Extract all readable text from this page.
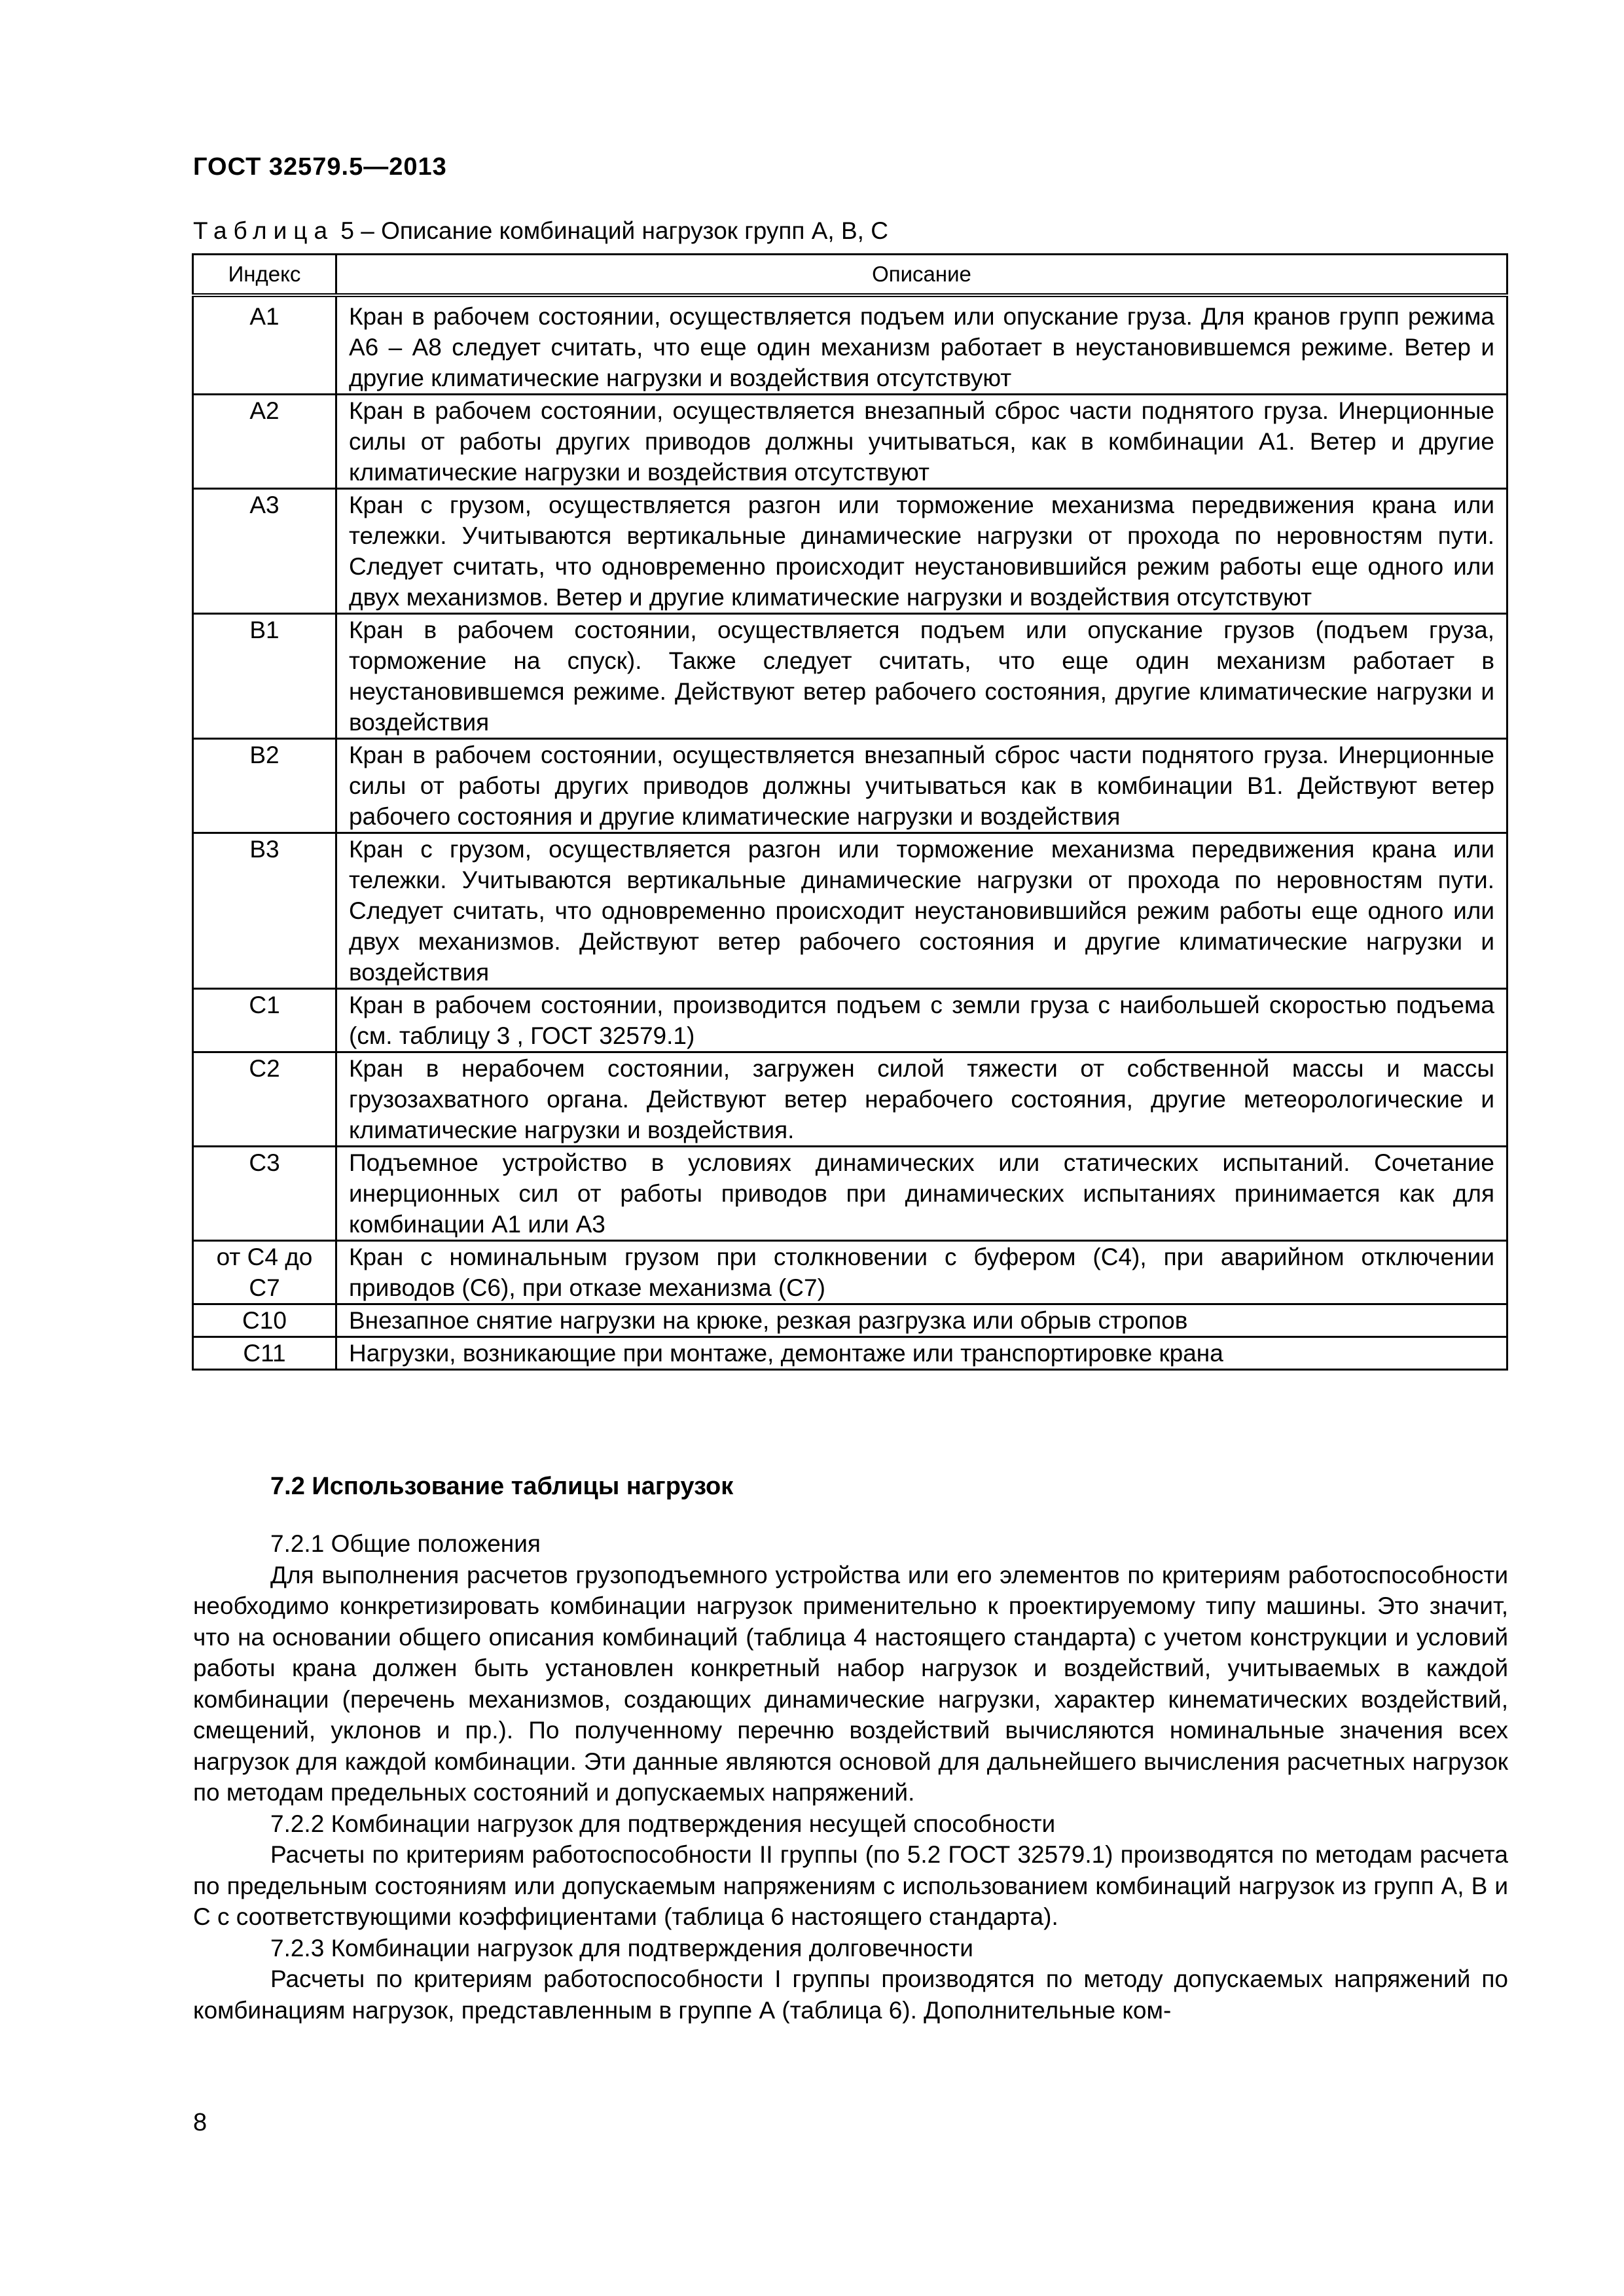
ГОСТ 32579.5—2013
Таблица 5 – Описание комбинаций нагрузок групп А, В, С
Индекс	Описание
А1	Кран в рабочем состоянии, осуществляется подъем или опускание груза. Для кранов групп режима А6 – А8 следует считать, что еще один механизм работает в неустановившемся режиме. Ветер и другие климатические нагрузки и воздействия отсутствуют
А2	Кран в рабочем состоянии, осуществляется внезапный сброс части поднятого груза. Инерционные силы от работы других приводов должны учитываться, как в комбинации А1. Ветер и другие климатические нагрузки и воздействия отсутствуют
А3	Кран с грузом, осуществляется разгон или торможение механизма передвижения крана или тележки. Учитываются вертикальные динамические нагрузки от прохода по неровностям пути. Следует считать, что одновременно происходит неустановившийся режим работы еще одного или двух механизмов. Ветер и другие климатические нагрузки и воздействия отсутствуют
В1	Кран в рабочем состоянии, осуществляется подъем или опускание грузов (подъем груза, торможение на спуск). Также следует считать, что еще один механизм работает в неустановившемся режиме. Действуют ветер рабочего состояния, другие климатические нагрузки и воздействия
В2	Кран в рабочем состоянии, осуществляется внезапный сброс части поднятого груза. Инерционные силы от работы других приводов должны учитываться как в комбинации В1. Действуют ветер рабочего состояния и другие климатические нагрузки и воздействия
В3	Кран с грузом, осуществляется разгон или торможение механизма передвижения крана или тележки. Учитываются вертикальные динамические нагрузки от прохода по неровностям пути. Следует считать, что одновременно происходит неустановившийся режим работы еще одного или двух механизмов. Действуют ветер рабочего состояния и другие климатические нагрузки и воздействия
С1	Кран в рабочем состоянии, производится подъем с земли груза с наибольшей скоростью подъема (см. таблицу 3 , ГОСТ 32579.1)
С2	Кран в нерабочем состоянии, загружен силой тяжести от собственной массы и массы грузозахватного органа. Действуют ветер нерабочего состояния, другие метеорологические и климатические нагрузки и воздействия.
С3	Подъемное устройство в условиях динамических или статических испытаний. Сочетание инерционных сил от работы приводов при динамических испытаниях принимается как для комбинации А1 или А3
от С4 до С7	Кран с номинальным грузом при столкновении с буфером (С4), при аварийном отключении приводов (С6), при отказе механизма (С7)
С10	Внезапное снятие нагрузки на крюке, резкая разгрузка или обрыв стропов
С11	Нагрузки, возникающие при монтаже, демонтаже или транспортировке крана
7.2 Использование таблицы нагрузок

7.2.1 Общие положения

Для выполнения расчетов грузоподъемного устройства или его элементов по критериям работоспособности необходимо конкретизировать комбинации нагрузок применительно к проектируемому типу машины. Это значит, что на основании общего описания комбинаций (таблица 4 настоящего стандарта) с учетом конструкции и условий работы крана должен быть установлен конкретный набор нагрузок и воздействий, учитываемых в каждой комбинации (перечень механизмов, создающих динамические нагрузки, характер кинематических воздействий, смещений, уклонов и пр.). По полученному перечню воздействий вычисляются номинальные значения всех нагрузок для каждой комбинации. Эти данные являются основой для дальнейшего вычисления расчетных нагрузок по методам предельных состояний и допускаемых напряжений.

7.2.2 Комбинации нагрузок для подтверждения несущей способности

Расчеты по критериям работоспособности II группы (по 5.2 ГОСТ 32579.1) производятся по методам расчета по предельным состояниям или допускаемым напряжениям с использованием комбинаций нагрузок из групп А, В и С с соответствующими коэффициентами (таблица 6 настоящего стандарта).

7.2.3 Комбинации нагрузок для подтверждения долговечности

Расчеты по критериям работоспособности I группы производятся по методу допускаемых напряжений по комбинациям нагрузок, представленным в группе А (таблица 6). Дополнительные ком-

8
